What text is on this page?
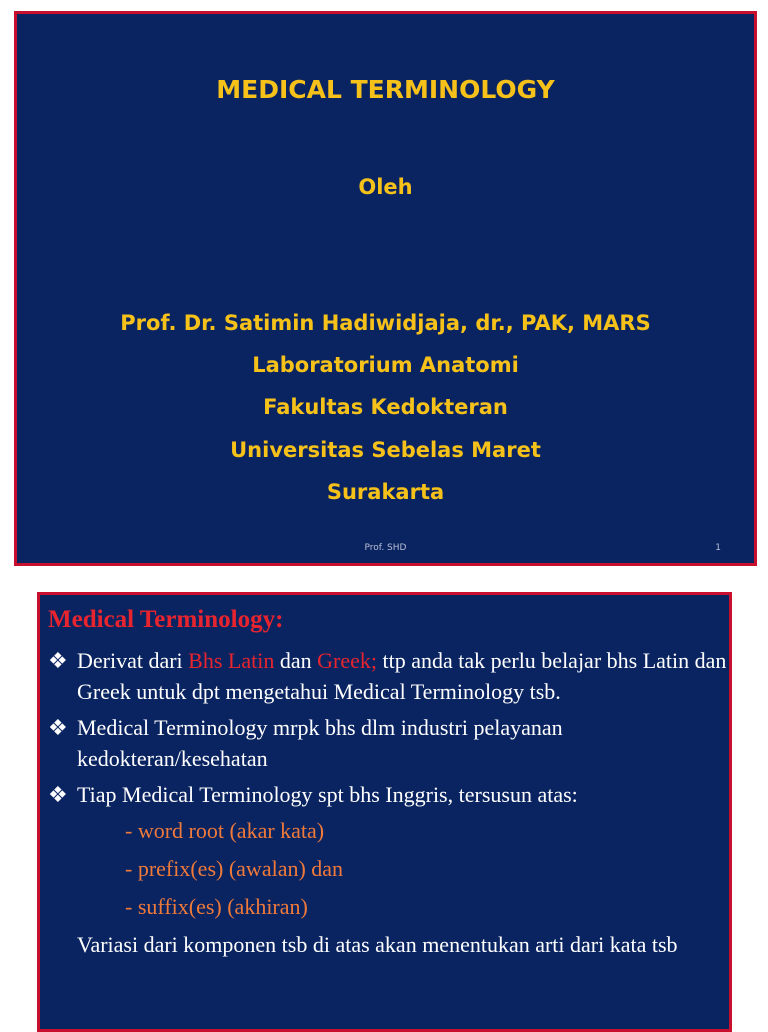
MEDICAL TERMINOLOGY
Oleh
Prof. Dr. Satimin Hadiwidjaja, dr., PAK, MARS
Laboratorium Anatomi
Fakultas Kedokteran
Universitas Sebelas Maret
Surakarta
Prof. SHD	1
Medical Terminology:
❖ Derivat dari Bhs Latin dan Greek; ttp anda tak perlu belajar bhs Latin dan Greek untuk dpt mengetahui Medical Terminology tsb.
❖ Medical Terminology mrpk bhs dlm industri pelayanan kedokteran/kesehatan
❖ Tiap Medical Terminology spt bhs Inggris, tersusun atas:
- word root (akar kata)
- prefix(es) (awalan) dan
- suffix(es) (akhiran)
Variasi dari komponen tsb di atas akan menentukan arti dari kata tsb
